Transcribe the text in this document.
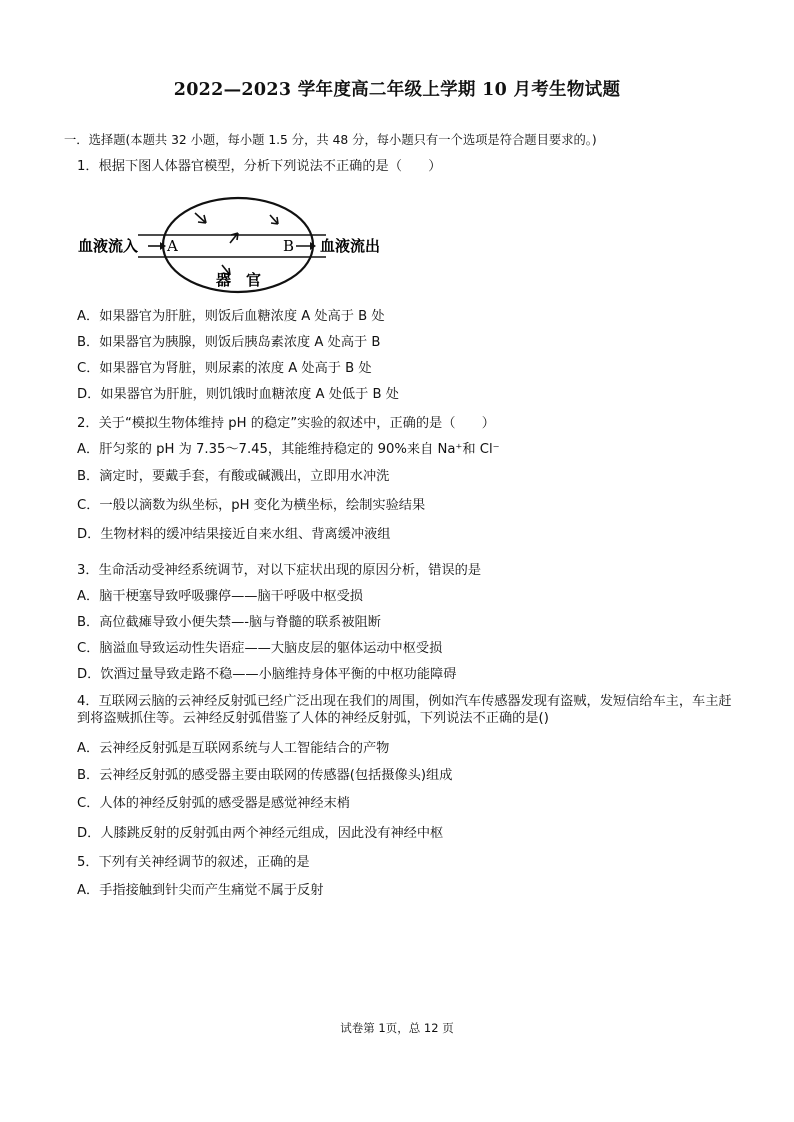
2022—2023 学年度高二年级上学期 10 月考生物试题
一．选择题(本题共 32 小题，每小题 1.5 分，共 48 分，每小题只有一个选项是符合题目要求的。)
1．根据下图人体器官模型，分析下列说法不正确的是（　　）
血液流入 A	B 血液流出
器　官
A．如果器官为肝脏，则饭后血糖浓度 A 处高于 B 处
B．如果器官为胰腺，则饭后胰岛素浓度 A 处高于 B
C．如果器官为肾脏，则尿素的浓度 A 处高于 B 处
D．如果器官为肝脏，则饥饿时血糖浓度 A 处低于 B 处
2．关于“模拟生物体维持 pH 的稳定”实验的叙述中，正确的是（　　）
A．肝匀浆的 pH 为 7.35～7.45，其能维持稳定的 90%来自 Na⁺和 Cl⁻
B．滴定时，要戴手套，有酸或碱溅出，立即用水冲洗
C．一般以滴数为纵坐标，pH 变化为横坐标，绘制实验结果
D．生物材料的缓冲结果接近自来水组、背离缓冲液组
3．生命活动受神经系统调节，对以下症状出现的原因分析，错误的是
A．脑干梗塞导致呼吸骤停——脑干呼吸中枢受损
B．高位截瘫导致小便失禁—-脑与脊髓的联系被阻断
C．脑溢血导致运动性失语症——大脑皮层的躯体运动中枢受损
D．饮酒过量导致走路不稳——小脑维持身体平衡的中枢功能障碍
4．互联网云脑的云神经反射弧已经广泛出现在我们的周围，例如汽车传感器发现有盗贼，发短信给车主，车主赶到将盗贼抓住等。云神经反射弧借鉴了人体的神经反射弧，下列说法不正确的是()
A．云神经反射弧是互联网系统与人工智能结合的产物
B．云神经反射弧的感受器主要由联网的传感器(包括摄像头)组成
C．人体的神经反射弧的感受器是感觉神经末梢
D．人膝跳反射的反射弧由两个神经元组成，因此没有神经中枢
5．下列有关神经调节的叙述，正确的是
A．手指接触到针尖而产生痛觉不属于反射
试卷第 1页，总 12 页
